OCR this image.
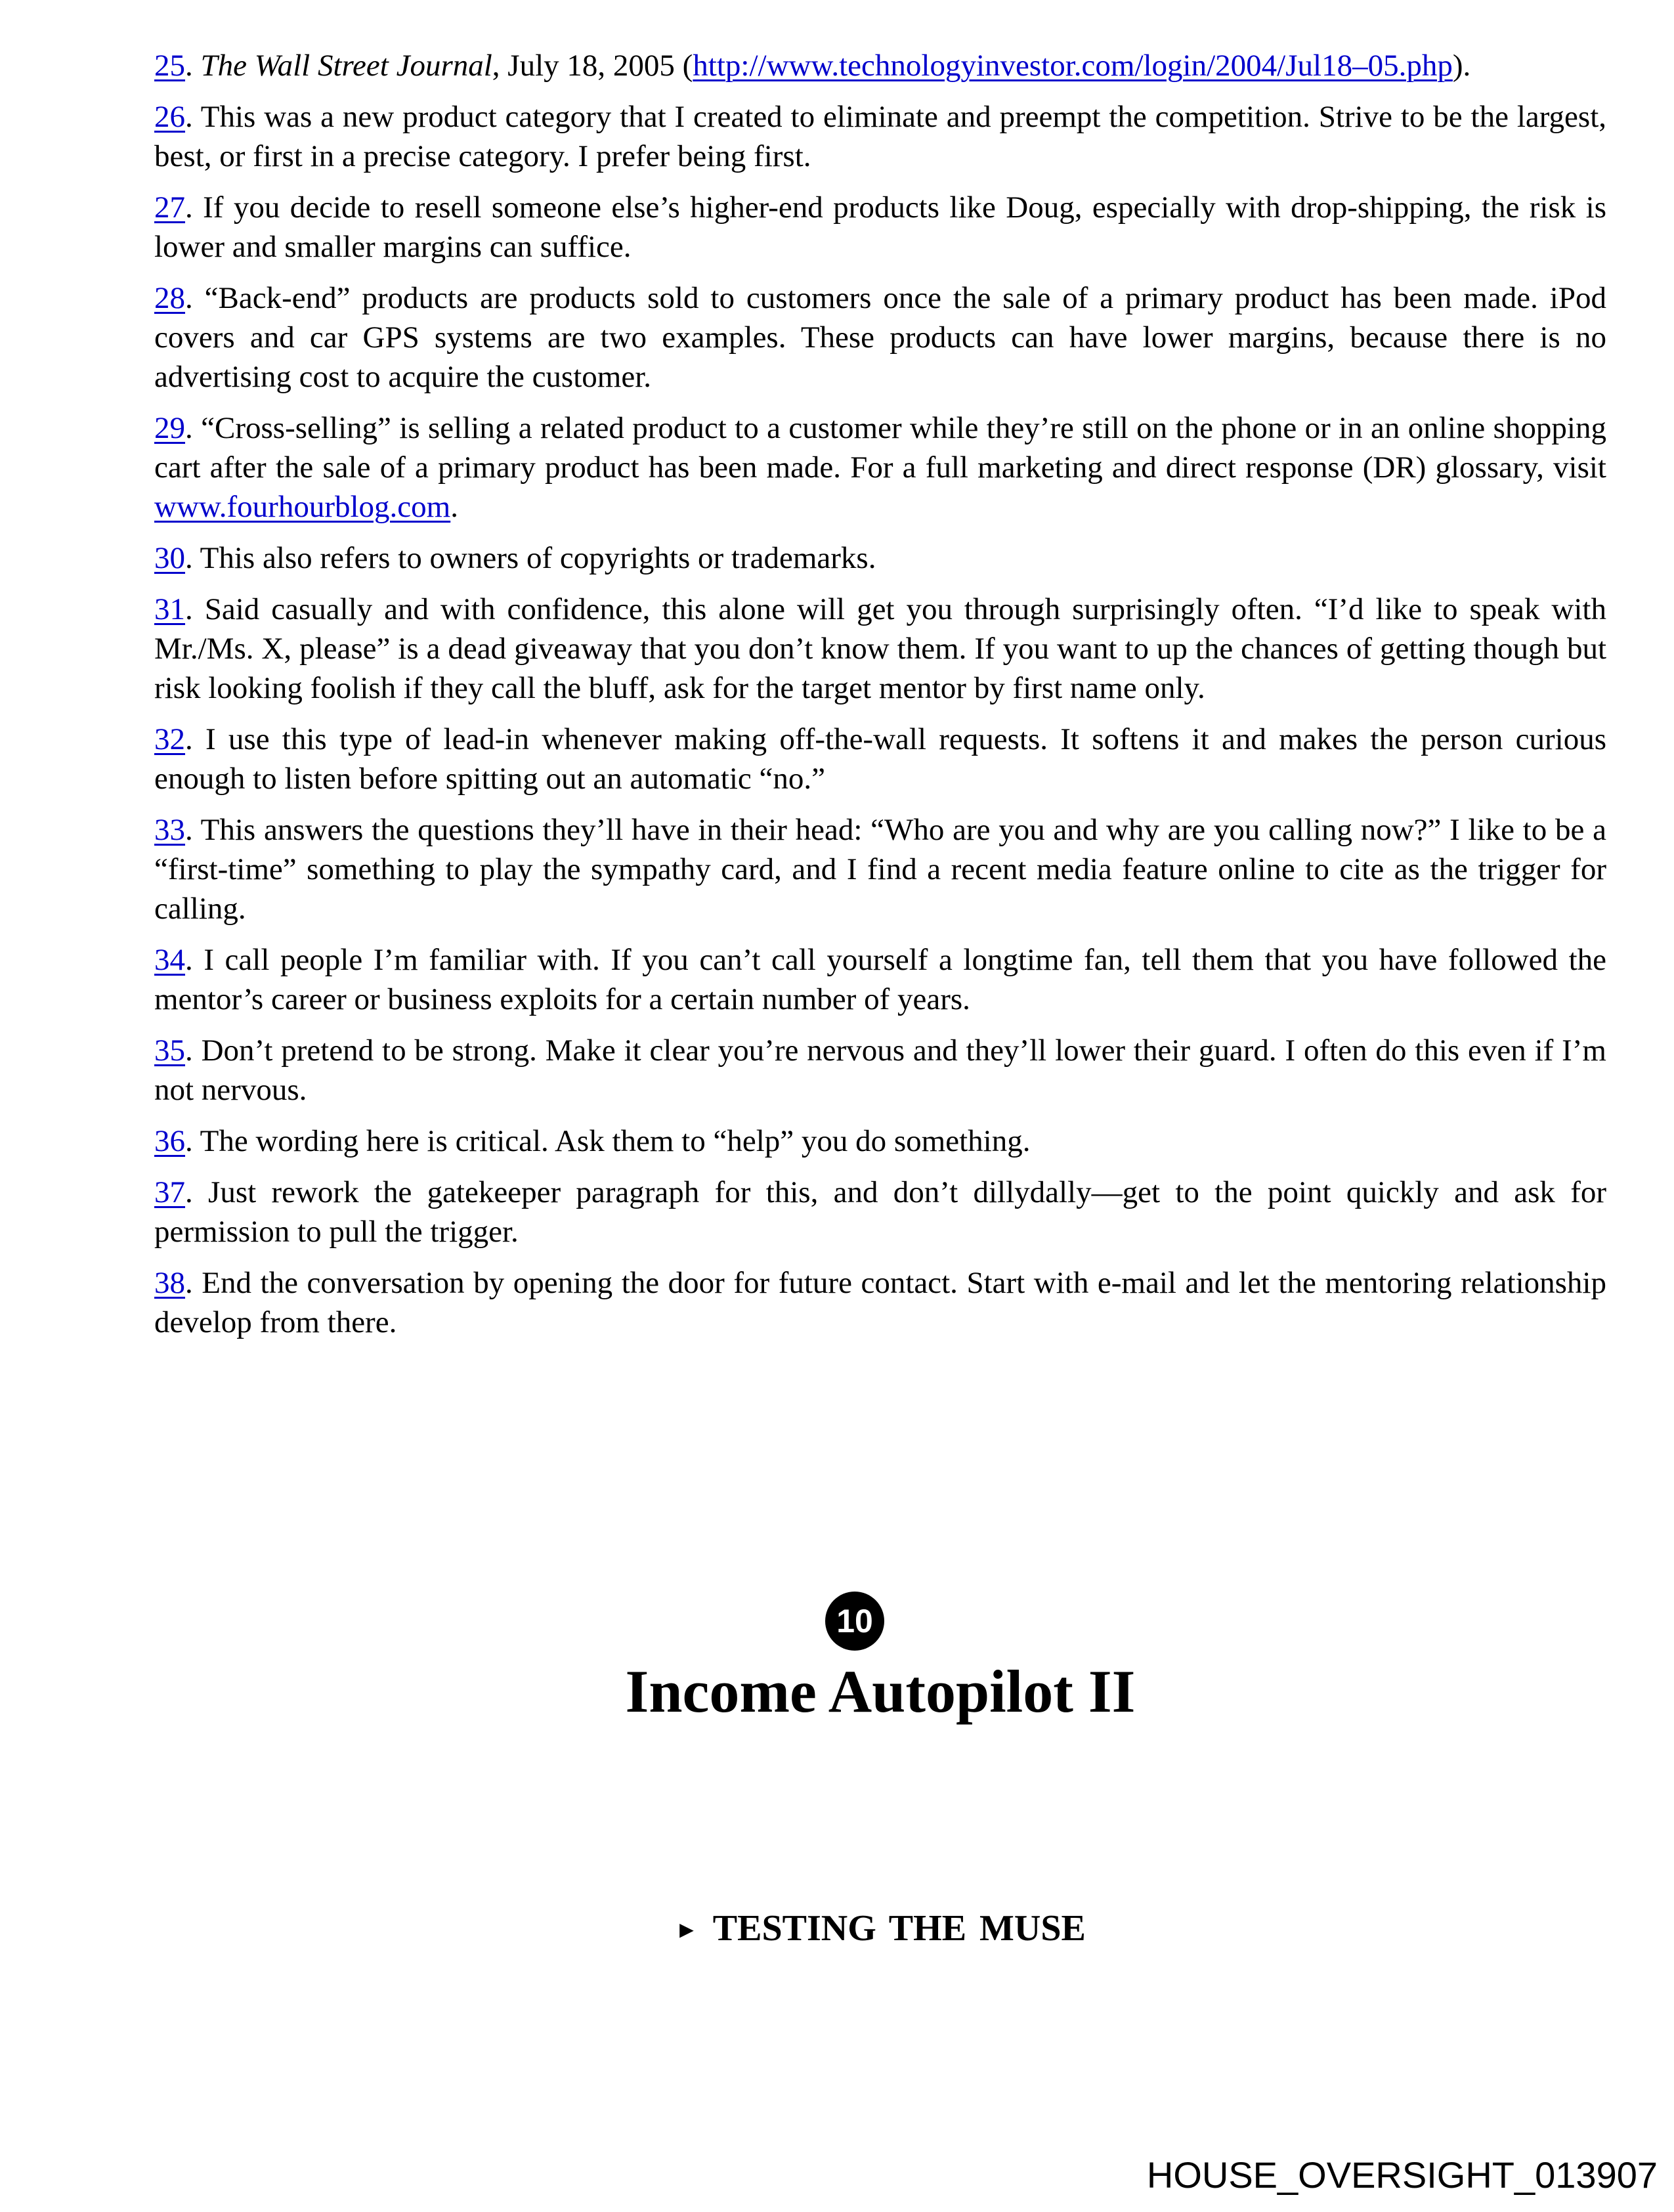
25. The Wall Street Journal, July 18, 2005 (http://www.technologyinvestor.com/login/2004/Jul18–05.php).

26. This was a new product category that I created to eliminate and preempt the competition. Strive to be the largest, best, or first in a precise category. I prefer being first.

27. If you decide to resell someone else’s higher-end products like Doug, especially with drop-shipping, the risk is lower and smaller margins can suffice.

28. “Back-end” products are products sold to customers once the sale of a primary product has been made. iPod covers and car GPS systems are two examples. These products can have lower margins, because there is no advertising cost to acquire the customer.

29. “Cross-selling” is selling a related product to a customer while they’re still on the phone or in an online shopping cart after the sale of a primary product has been made. For a full marketing and direct response (DR) glossary, visit www.fourhourblog.com.

30. This also refers to owners of copyrights or trademarks.

31. Said casually and with confidence, this alone will get you through surprisingly often. “I’d like to speak with Mr./Ms. X, please” is a dead giveaway that you don’t know them. If you want to up the chances of getting though but risk looking foolish if they call the bluff, ask for the target mentor by first name only.

32. I use this type of lead-in whenever making off-the-wall requests. It softens it and makes the person curious enough to listen before spitting out an automatic “no.”

33. This answers the questions they’ll have in their head: “Who are you and why are you calling now?” I like to be a “first-time” something to play the sympathy card, and I find a recent media feature online to cite as the trigger for calling.

34. I call people I’m familiar with. If you can’t call yourself a longtime fan, tell them that you have followed the mentor’s career or business exploits for a certain number of years.

35. Don’t pretend to be strong. Make it clear you’re nervous and they’ll lower their guard. I often do this even if I’m not nervous.

36. The wording here is critical. Ask them to “help” you do something.

37. Just rework the gatekeeper paragraph for this, and don’t dillydally—get to the point quickly and ask for permission to pull the trigger.

38. End the conversation by opening the door for future contact. Start with e-mail and let the mentoring relationship develop from there.

10
Income Autopilot II
► TESTING THE MUSE
HOUSE_OVERSIGHT_013907
